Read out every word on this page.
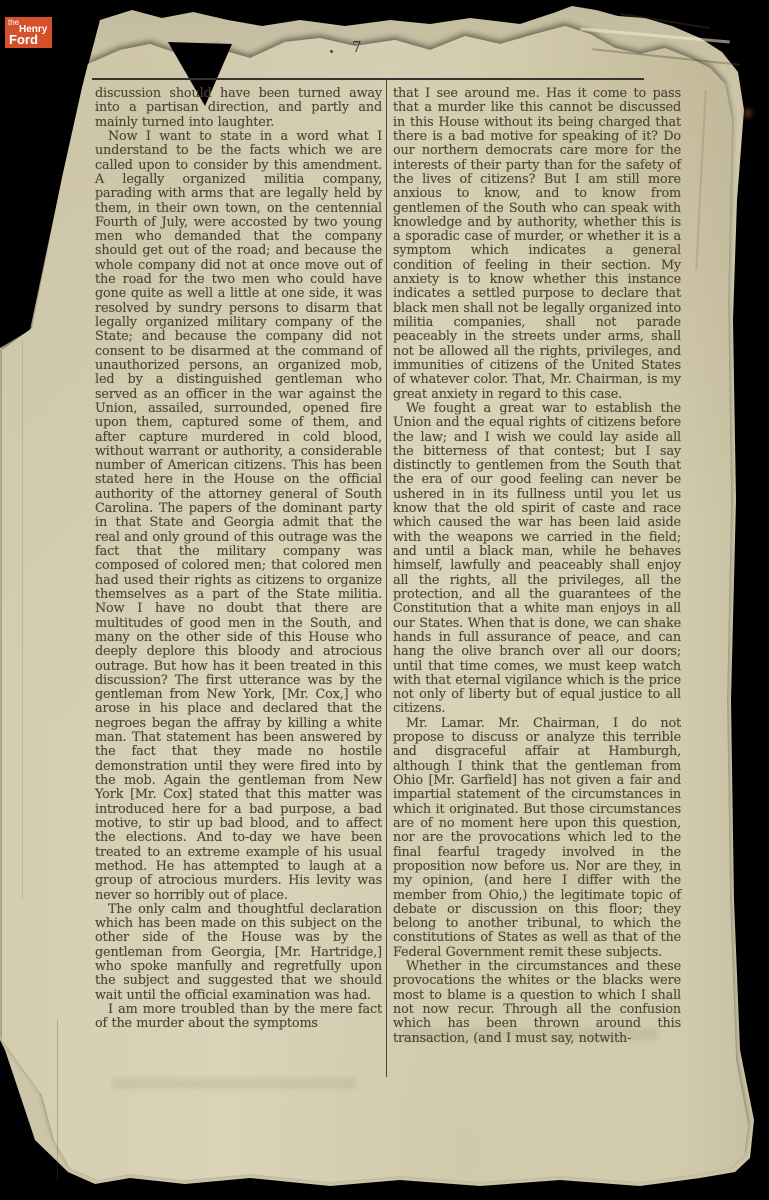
the
Henry
Ford	7

discussion should have been turned away into a partisan direction, and partly and mainly turned into laughter.

Now I want to state in a word what I understand to be the facts which we are called upon to consider by this amendment. A legally organized militia company, parading with arms that are legally held by them, in their own town, on the centennial Fourth of July, were accosted by two young men who demanded that the company should get out of the road; and because the whole company did not at once move out of the road for the two men who could have gone quite as well a little at one side, it was resolved by sundry persons to disarm that legally organized military company of the State; and because the company did not consent to be disarmed at the command of unauthorized persons, an organized mob, led by a distinguished gentleman who served as an officer in the war against the Union, assailed, surrounded, opened fire upon them, captured some of them, and after capture murdered in cold blood, without warrant or authority, a considerable number of American citizens. This has been stated here in the House on the official authority of the attorney general of South Carolina. The papers of the dominant party in that State and Georgia admit that the real and only ground of this outrage was the fact that the military company was composed of colored men; that colored men had used their rights as citizens to organize themselves as a part of the State militia. Now I have no doubt that there are multitudes of good men in the South, and many on the other side of this House who deeply deplore this bloody and atrocious outrage. But how has it been treated in this discussion? The first utterance was by the gentleman from New York, [Mr. Cox,] who arose in his place and declared that the negroes began the affray by killing a white man. That statement has been answered by the fact that they made no hostile demonstration until they were fired into by the mob. Again the gentleman from New York [Mr. Cox] stated that this matter was introduced here for a bad purpose, a bad motive, to stir up bad blood, and to affect the elections. And to-day we have been treated to an extreme example of his usual method. He has attempted to laugh at a group of atrocious murders. His levity was never so horribly out of place.

The only calm and thoughtful declaration which has been made on this subject on the other side of the House was by the gentleman from Georgia, [Mr. Hartridge,] who spoke manfully and regretfully upon the subject and suggested that we should wait until the official examination was had.

I am more troubled than by the mere fact of the murder about the symptoms

that I see around me. Has it come to pass that a murder like this cannot be discussed in this House without its being charged that there is a bad motive for speaking of it? Do our northern democrats care more for the interests of their party than for the safety of the lives of citizens? But I am still more anxious to know, and to know from gentlemen of the South who can speak with knowledge and by authority, whether this is a sporadic case of murder, or whether it is a symptom which indicates a general condition of feeling in their section. My anxiety is to know whether this instance indicates a settled purpose to declare that black men shall not be legally organized into militia companies, shall not parade peaceably in the streets under arms, shall not be allowed all the rights, privileges, and immunities of citizens of the United States of whatever color. That, Mr. Chairman, is my great anxiety in regard to this case.

We fought a great war to establish the Union and the equal rights of citizens before the law; and I wish we could lay aside all the bitterness of that contest; but I say distinctly to gentlemen from the South that the era of our good feeling can never be ushered in in its fullness until you let us know that the old spirit of caste and race which caused the war has been laid aside with the weapons we carried in the field; and until a black man, while he behaves himself, lawfully and peaceably shall enjoy all the rights, all the privileges, all the protection, and all the guarantees of the Constitution that a white man enjoys in all our States. When that is done, we can shake hands in full assurance of peace, and can hang the olive branch over all our doors; until that time comes, we must keep watch with that eternal vigilance which is the price not only of liberty but of equal justice to all citizens.

Mr. Lamar. Mr. Chairman, I do not propose to discuss or analyze this terrible and disgraceful affair at Hamburgh, although I think that the gentleman from Ohio [Mr. Garfield] has not given a fair and impartial statement of the circumstances in which it originated. But those circumstances are of no moment here upon this question, nor are the provocations which led to the final fearful tragedy involved in the proposition now before us. Nor are they, in my opinion, (and here I differ with the member from Ohio,) the legitimate topic of debate or discussion on this floor; they belong to another tribunal, to which the constitutions of States as well as that of the Federal Government remit these subjects.

Whether in the circumstances and these provocations the whites or the blacks were most to blame is a question to which I shall not now recur. Through all the confusion which has been thrown around this transaction, (and I must say, notwith-
